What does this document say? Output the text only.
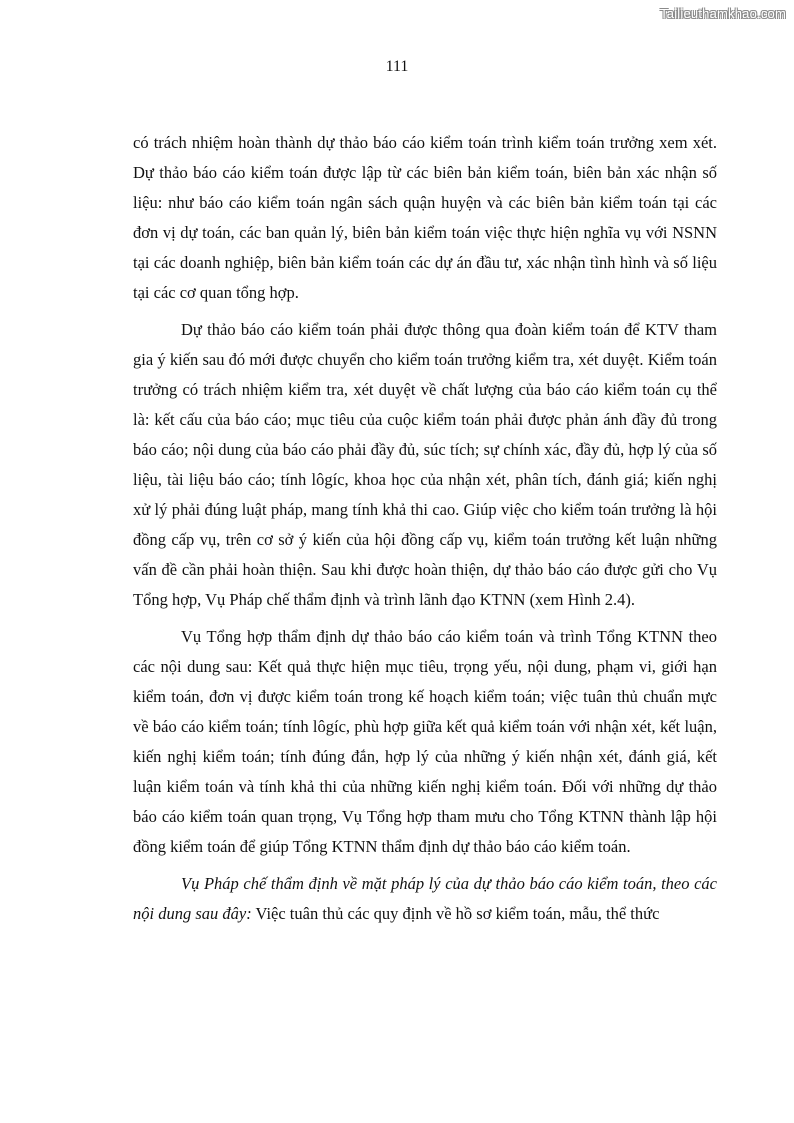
Tailieuthamkhao.com
111

có trách nhiệm hoàn thành dự thảo báo cáo kiểm toán trình kiểm toán trưởng xem xét. Dự thảo báo cáo kiểm toán được lập từ các biên bản kiểm toán, biên bản xác nhận số liệu: như báo cáo kiểm toán ngân sách quận huyện và các biên bản kiểm toán tại các đơn vị dự toán, các ban quản lý, biên bản kiểm toán việc thực hiện nghĩa vụ với NSNN tại các doanh nghiệp, biên bản kiểm toán các dự án đầu tư, xác nhận tình hình và số liệu tại các cơ quan tổng hợp.

Dự thảo báo cáo kiểm toán phải được thông qua đoàn kiểm toán để KTV tham gia ý kiến sau đó mới được chuyển cho kiểm toán trưởng kiểm tra, xét duyệt. Kiểm toán trưởng có trách nhiệm kiểm tra, xét duyệt về chất lượng của báo cáo kiểm toán cụ thể là: kết cấu của báo cáo; mục tiêu của cuộc kiểm toán phải được phản ánh đầy đủ trong báo cáo; nội dung của báo cáo phải đầy đủ, súc tích; sự chính xác, đầy đủ, hợp lý của số liệu, tài liệu báo cáo; tính lôgíc, khoa học của nhận xét, phân tích, đánh giá; kiến nghị xử lý phải đúng luật pháp, mang tính khả thi cao. Giúp việc cho kiểm toán trưởng là hội đồng cấp vụ, trên cơ sở ý kiến của hội đồng cấp vụ, kiểm toán trưởng kết luận những vấn đề cần phải hoàn thiện. Sau khi được hoàn thiện, dự thảo báo cáo được gửi cho Vụ Tổng hợp, Vụ Pháp chế thẩm định và trình lãnh đạo KTNN (xem Hình 2.4).

Vụ Tổng hợp thẩm định dự thảo báo cáo kiểm toán và trình Tổng KTNN theo các nội dung sau: Kết quả thực hiện mục tiêu, trọng yếu, nội dung, phạm vi, giới hạn kiểm toán, đơn vị được kiểm toán trong kế hoạch kiểm toán; việc tuân thủ chuẩn mực về báo cáo kiểm toán; tính lôgíc, phù hợp giữa kết quả kiểm toán với nhận xét, kết luận, kiến nghị kiểm toán; tính đúng đắn, hợp lý của những ý kiến nhận xét, đánh giá, kết luận kiểm toán và tính khả thi của những kiến nghị kiểm toán. Đối với những dự thảo báo cáo kiểm toán quan trọng, Vụ Tổng hợp tham mưu cho Tổng KTNN thành lập hội đồng kiểm toán để giúp Tổng KTNN thẩm định dự thảo báo cáo kiểm toán.

Vụ Pháp chế thẩm định về mặt pháp lý của dự thảo báo cáo kiểm toán, theo các nội dung sau đây: Việc tuân thủ các quy định về hồ sơ kiểm toán, mẫu, thể thức
